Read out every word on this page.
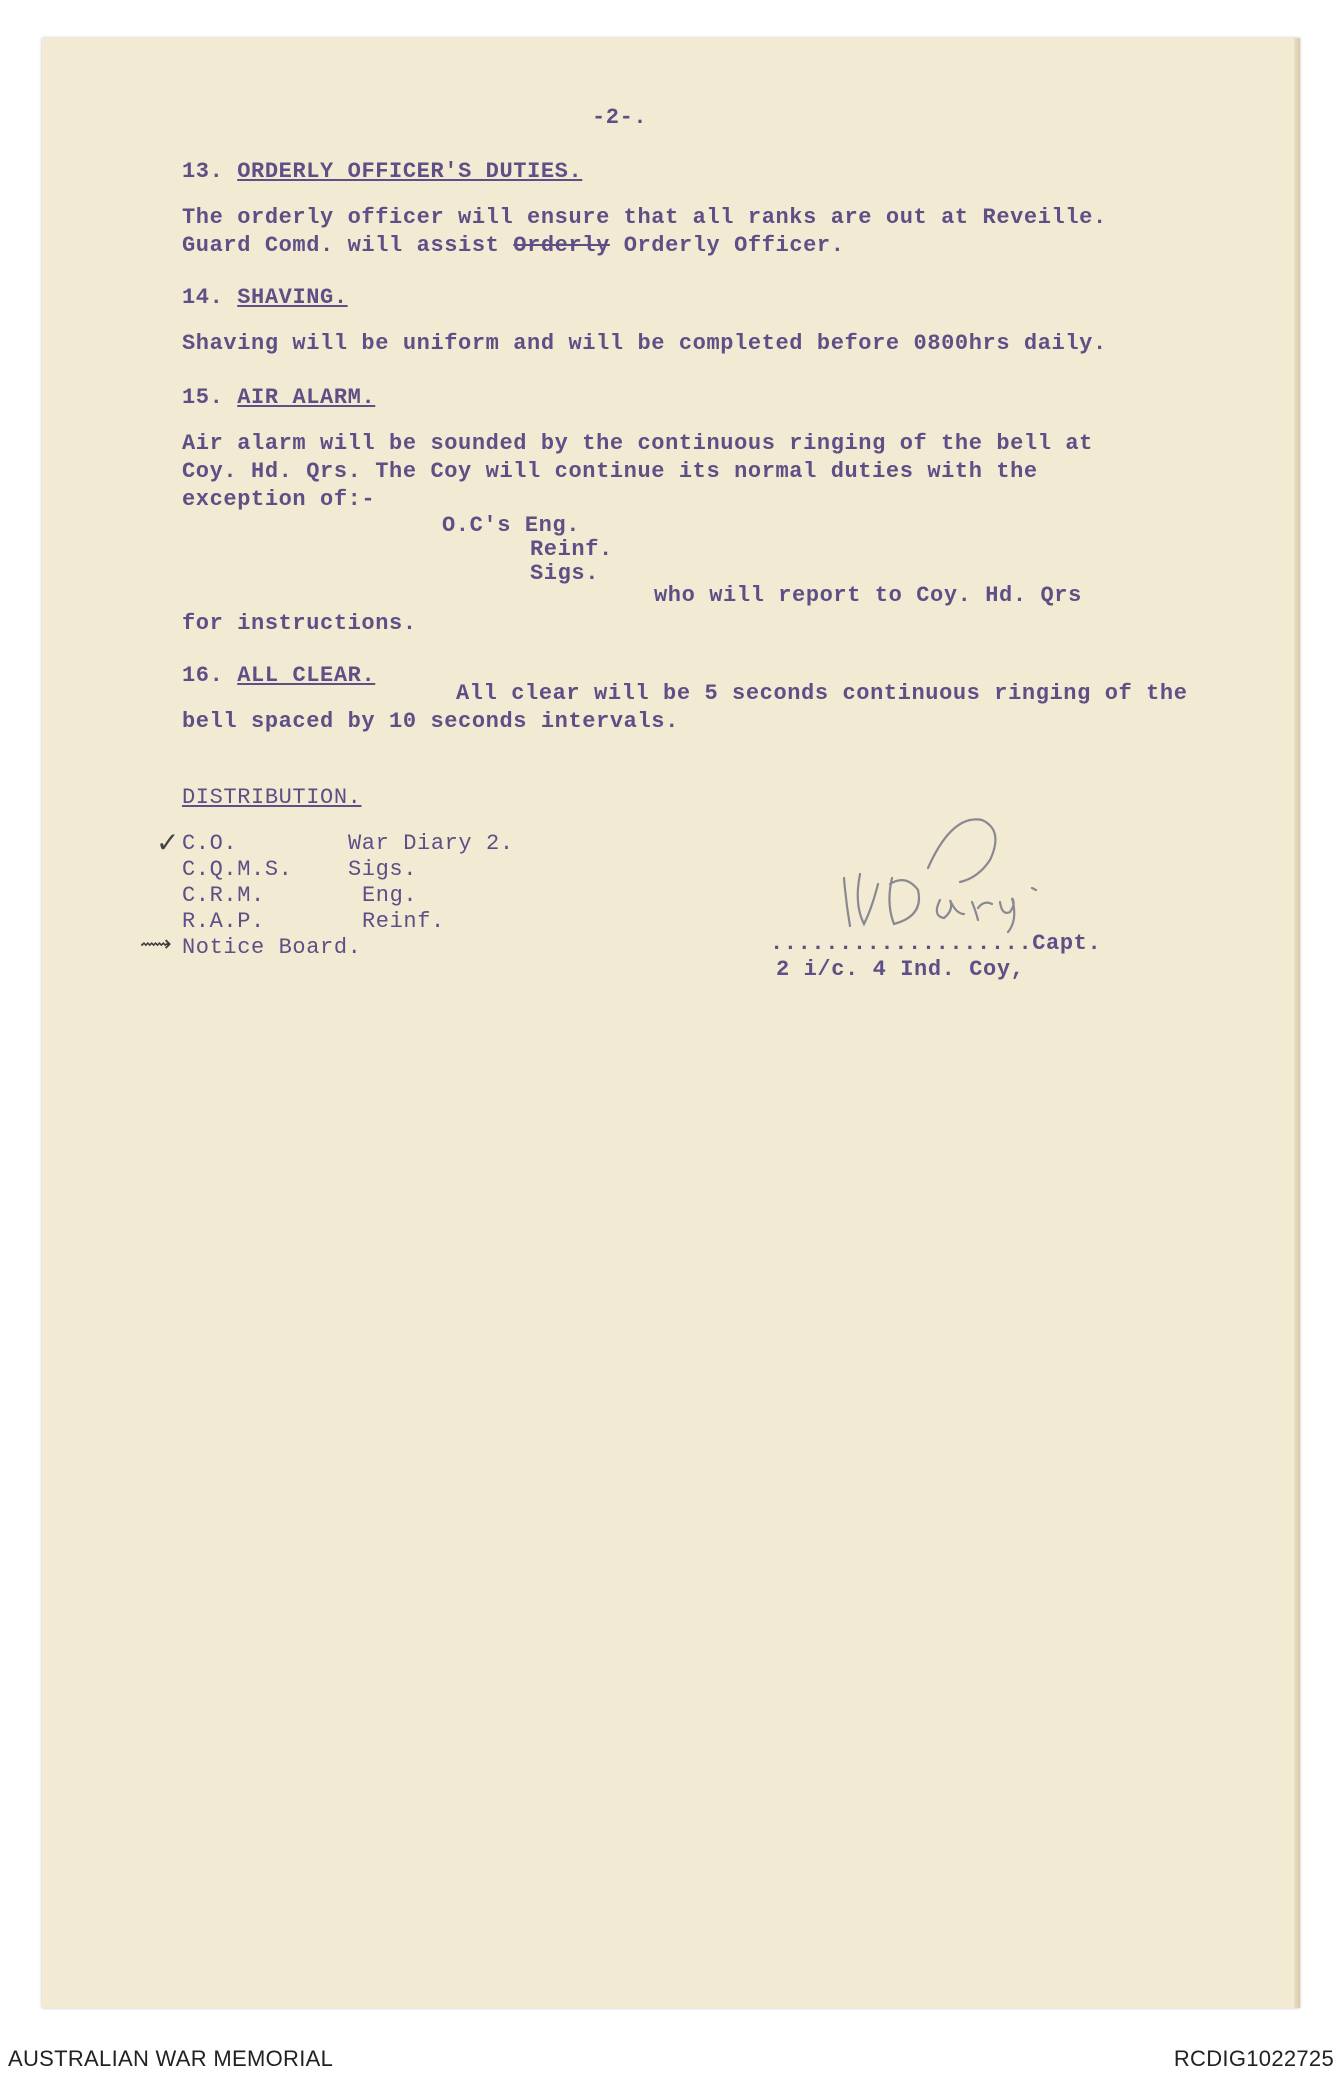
-2-.
13. ORDERLY OFFICER'S DUTIES.
The orderly officer will ensure that all ranks are out at Reveille.
Guard Comd. will assist Orderly Orderly Officer.
14. SHAVING.
Shaving will be uniform and will be completed before 0800hrs daily.
15. AIR ALARM.
Air alarm will be sounded by the continuous ringing of the bell at
Coy. Hd. Qrs. The Coy will continue its normal duties with the
exception of:-
O.C's Eng.
Reinf.
Sigs.
who will report to Coy. Hd. Qrs
for instructions.
16. ALL CLEAR.
All clear will be 5 seconds continuous ringing of the
bell spaced by 10 seconds intervals.
DISTRIBUTION.
✓ C.O.
C.Q.M.S.
C.R.M.
R.A.P.
⟿ Notice Board.
War Diary 2.
Sigs.
Eng.
Reinf.
...................Capt.
2 i/c. 4 Ind. Coy,
AUSTRALIAN WAR MEMORIAL	RCDIG1022725
